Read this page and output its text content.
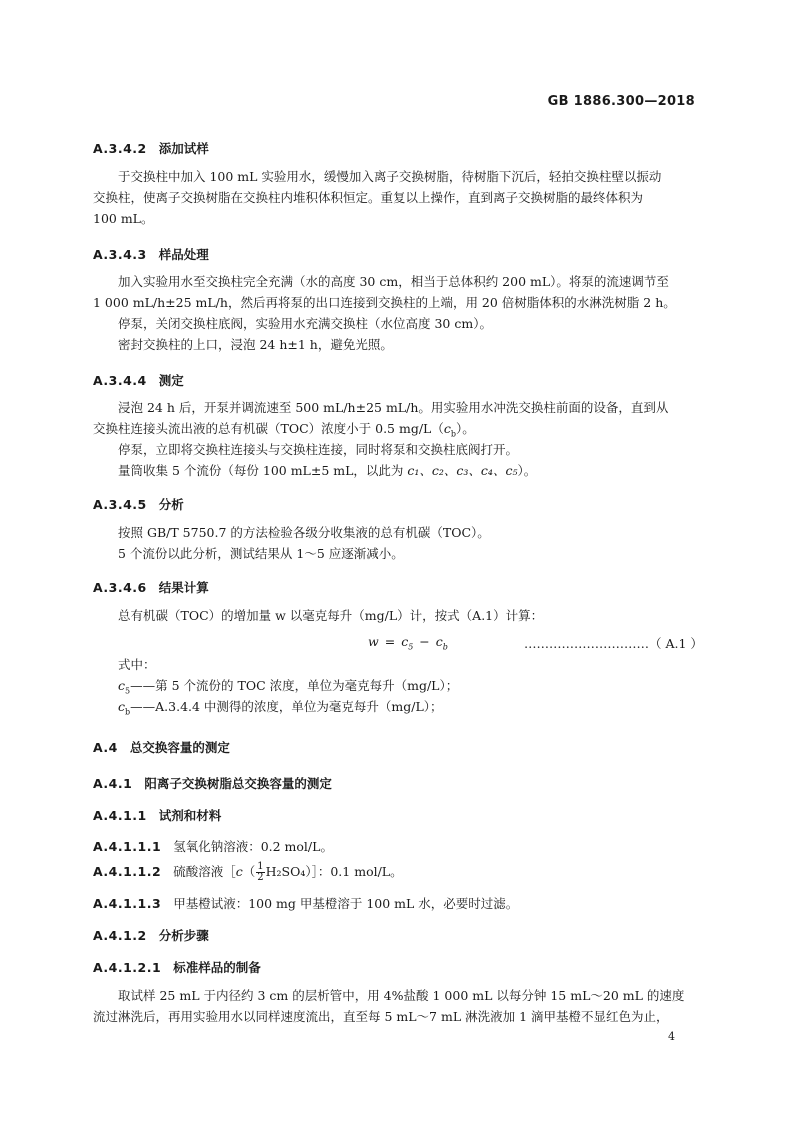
GB 1886.300—2018
A.3.4.2 添加试样
于交换柱中加入 100 mL 实验用水，缓慢加入离子交换树脂，待树脂下沉后，轻拍交换柱壁以振动
交换柱，使离子交换树脂在交换柱内堆积体积恒定。重复以上操作，直到离子交换树脂的最终体积为
100 mL。
A.3.4.3 样品处理
加入实验用水至交换柱完全充满（水的高度 30 cm，相当于总体积约 200 mL）。将泵的流速调节至
1 000 mL/h±25 mL/h，然后再将泵的出口连接到交换柱的上端，用 20 倍树脂体积的水淋洗树脂 2 h。
停泵，关闭交换柱底阀，实验用水充满交换柱（水位高度 30 cm）。
密封交换柱的上口，浸泡 24 h±1 h，避免光照。
A.3.4.4 测定
浸泡 24 h 后，开泵并调流速至 500 mL/h±25 mL/h。用实验用水冲洗交换柱前面的设备，直到从
交换柱连接头流出液的总有机碳（TOC）浓度小于 0.5 $mg/L(c_b)$。
停泵，立即将交换柱连接头与交换柱连接，同时将泵和交换柱底阀打开。
量筒收集 5 个流份（每份 100 mL±5 mL，以此为 c₁、c₂、c₃、c₄、c₅）。
A.3.4.5 分析
按照 GB/T 5750.7 的方法检验各级分收集液的总有机碳（TOC）。
5 个流份以此分析，测试结果从 1～5 应逐渐减小。
A.3.4.6 结果计算
总有机碳（TOC）的增加量 w 以毫克每升（mg/L）计，按式（A.1）计算：
$w = c_5 - c_b$	…………………………（ A.1 ）
式中：
$c_5——$第 5 个流份的 TOC 浓度，单位为毫克每升（mg/L）；
$c_b——A.3.4.4$ 中测得的浓度，单位为毫克每升（mg/L）；
A.4 总交换容量的测定
A.4.1 阳离子交换树脂总交换容量的测定
A.4.1.1 试剂和材料
A.4.1.1.1 氢氧化钠溶液：0.2 mol/L。
A.4.1.1.2 硫酸溶液［c（ $\frac{1}{2}$ H₂SO₄）］：0.1 mol/L。
A.4.1.1.3 甲基橙试液：100 mg 甲基橙溶于 100 mL 水，必要时过滤。
A.4.1.2 分析步骤
A.4.1.2.1 标准样品的制备
取试样 25 mL 于内径约 3 cm 的层析管中，用 4%盐酸 1 000 mL 以每分钟 15 mL～20 mL 的速度
流过淋洗后，再用实验用水以同样速度流出，直至每 5 mL～7 mL 淋洗液加 1 滴甲基橙不显红色为止，
4
